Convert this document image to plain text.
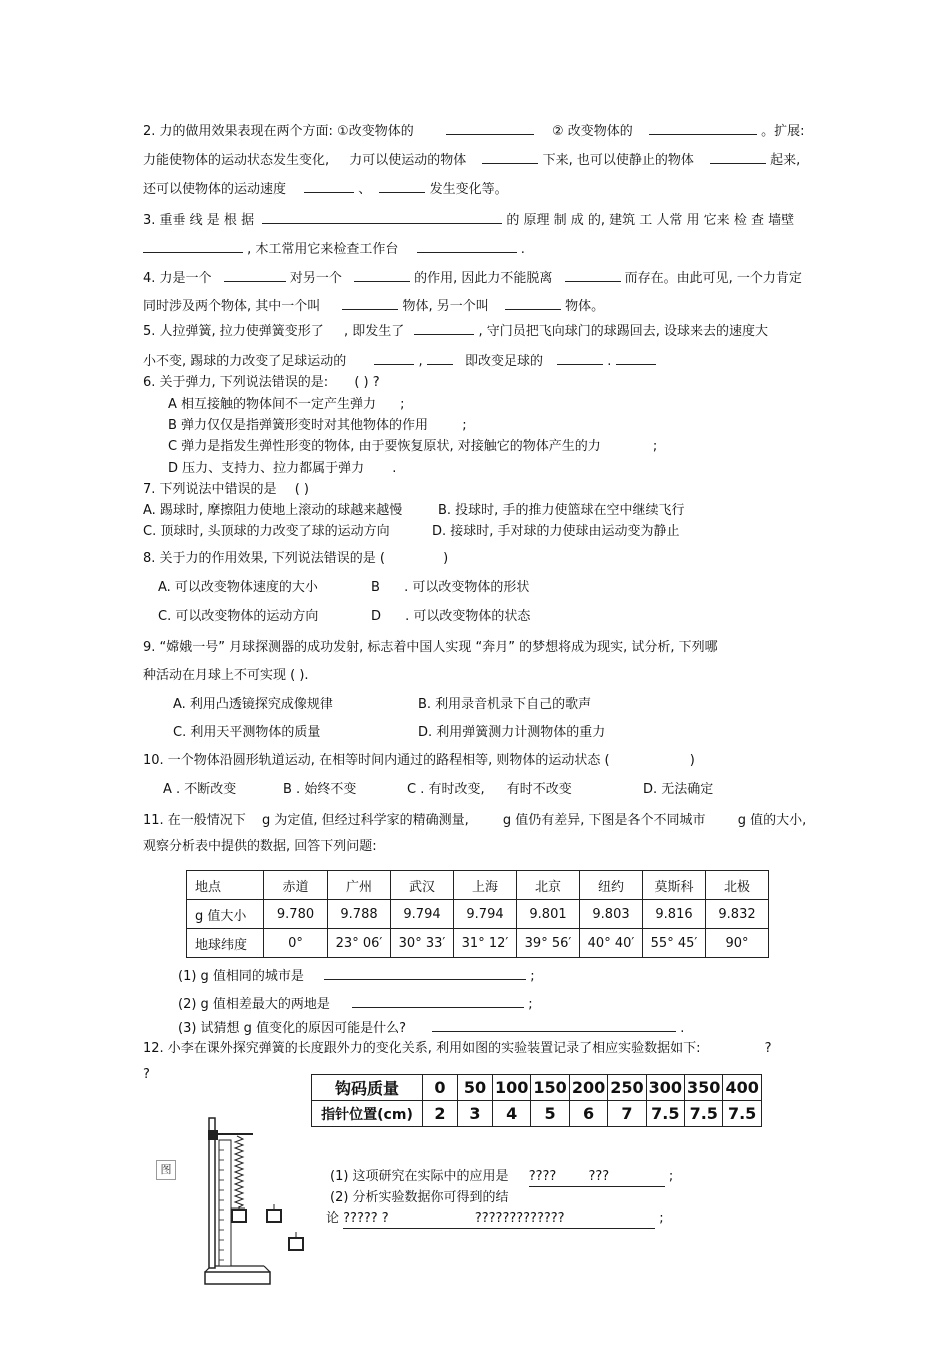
2. 力的做用效果表现在两个方面: ①改变物体的	② 改变物体的	。扩展:
力能使物体的运动状态发生变化, 力可以使运动的物体	下来, 也可以使静止的物体	起来,
还可以使物体的运动速度	、	发生变化等。
3. 重垂 线 是 根 据	的 原理 制 成 的, 建筑 工 人常 用 它来 检 查 墙壁
, 木工常用它来检查工作台	.
4. 力是一个	对另一个	的作用, 因此力不能脱离	而存在。由此可见, 一个力肯定
同时涉及两个物体, 其中一个叫	物体, 另一个叫	物体。
5. 人拉弹簧, 拉力使弹簧变形了 , 即发生了	, 守门员把飞向球门的球踢回去, 设球来去的速度大
小不变, 踢球的力改变了足球运动的	,	即改变足球的	.
6. 关于弹力, 下列说法错误的是: ( ) ?
A 相互接触的物体间不一定产生弹力 ;
B 弹力仅仅是指弹簧形变时对其他物体的作用	;
C 弹力是指发生弹性形变的物体, 由于要恢复原状, 对接触它的物体产生的力	;
D 压力、支持力、拉力都属于弹力 .
7. 下列说法中错误的是 ( )
A. 踢球时, 摩擦阻力使地上滚动的球越来越慢	B. 投球时, 手的推力使篮球在空中继续飞行
C. 顶球时, 头顶球的力改变了球的运动方向	D. 接球时, 手对球的力使球由运动变为静止
8. 关于力的作用效果, 下列说法错误的是 (	)
A. 可以改变物体速度的大小	B . 可以改变物体的形状
C. 可以改变物体的运动方向	D . 可以改变物体的状态
9. “嫦娥一号” 月球探测器的成功发射, 标志着中国人实现 “奔月” 的梦想将成为现实, 试分析, 下列哪
种活动在月球上不可实现 ( ).
A. 利用凸透镜探究成像规律	B. 利用录音机录下自己的歌声
C. 利用天平测物体的质量	D. 利用弹簧测力计测物体的重力
10. 一个物体沿圆形轨道运动, 在相等时间内通过的路程相等, 则物体的运动状态 (	)
A . 不断改变	B . 始终不变	C . 有时改变, 有时不改变	D. 无法确定
11. 在一般情况下 g 为定值, 但经过科学家的精确测量,	g 值仍有差异, 下图是各个不同城市 g 值的大小,
观察分析表中提供的数据, 回答下列问题:
地点	赤道	广州	武汉	上海	北京	纽约	莫斯科	北极
g 值大小	9.780	9.788	9.794	9.794	9.801	9.803	9.816	9.832
地球纬度	0°	23° 06′	30° 33′	31° 12′	39° 56′	40° 40′	55° 45′	90°
(1) g 值相同的城市是	;
(2) g 值相差最大的两地是	;
(3) 试猜想 g 值变化的原因可能是什么?	.
12. 小李在课外探究弹簧的长度跟外力的变化关系, 利用如图的实验装置记录了相应实验数据如下:	?
?
钩码质量	0	50	100	150	200	250	300	350	400
指针位置(cm)	2	3	4	5	6	7	7.5	7.5	7.5
图	(1) 这项研究在实际中的应用是 ???? ???	;
(2) 分析实验数据你可得到的结
论 ????? ?	?????????????	;
